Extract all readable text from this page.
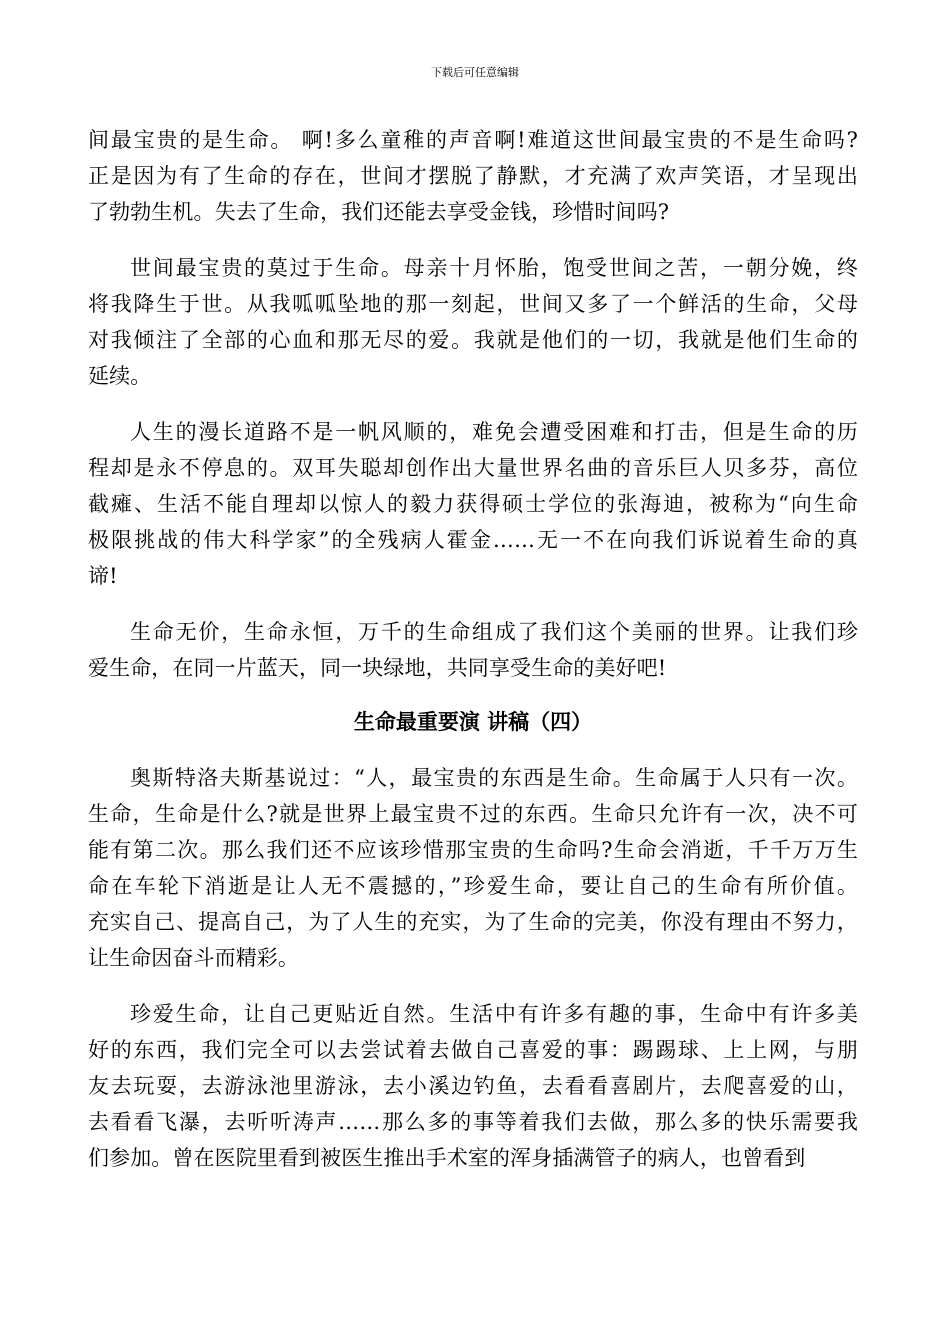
下载后可任意编辑

间最宝贵的是生命。 啊!多么童稚的声音啊!难道这世间最宝贵的不是生命吗?
正是因为有了生命的存在，世间才摆脱了静默，才充满了欢声笑语，才呈现出
了勃勃生机。失去了生命，我们还能去享受金钱，珍惜时间吗?

世间最宝贵的莫过于生命。母亲十月怀胎，饱受世间之苦，一朝分娩，终
将我降生于世。从我呱呱坠地的那一刻起，世间又多了一个鲜活的生命，父母
对我倾注了全部的心血和那无尽的爱。我就是他们的一切，我就是他们生命的
延续。

人生的漫长道路不是一帆风顺的，难免会遭受困难和打击，但是生命的历
程却是永不停息的。双耳失聪却创作出大量世界名曲的音乐巨人贝多芬，高位
截瘫、生活不能自理却以惊人的毅力获得硕士学位的张海迪，被称为“向生命
极限挑战的伟大科学家”的全残病人霍金……无一不在向我们诉说着生命的真
谛!

生命无价，生命永恒，万千的生命组成了我们这个美丽的世界。让我们珍
爱生命，在同一片蓝天，同一块绿地，共同享受生命的美好吧!

生命最重要演 讲稿（四）

奥斯特洛夫斯基说过：“人，最宝贵的东西是生命。生命属于人只有一次。
生命，生命是什么?就是世界上最宝贵不过的东西。生命只允许有一次，决不可
能有第二次。那么我们还不应该珍惜那宝贵的生命吗?生命会消逝，千千万万生
命在车轮下消逝是让人无不震撼的，”珍爱生命，要让自己的生命有所价值。
充实自己、提高自己，为了人生的充实，为了生命的完美，你没有理由不努力，
让生命因奋斗而精彩。

珍爱生命，让自己更贴近自然。生活中有许多有趣的事，生命中有许多美
好的东西，我们完全可以去尝试着去做自己喜爱的事：踢踢球、上上网，与朋
友去玩耍，去游泳池里游泳，去小溪边钓鱼，去看看喜剧片，去爬喜爱的山，
去看看飞瀑，去听听涛声……那么多的事等着我们去做，那么多的快乐需要我
们参加。曾在医院里看到被医生推出手术室的浑身插满管子的病人，也曾看到
